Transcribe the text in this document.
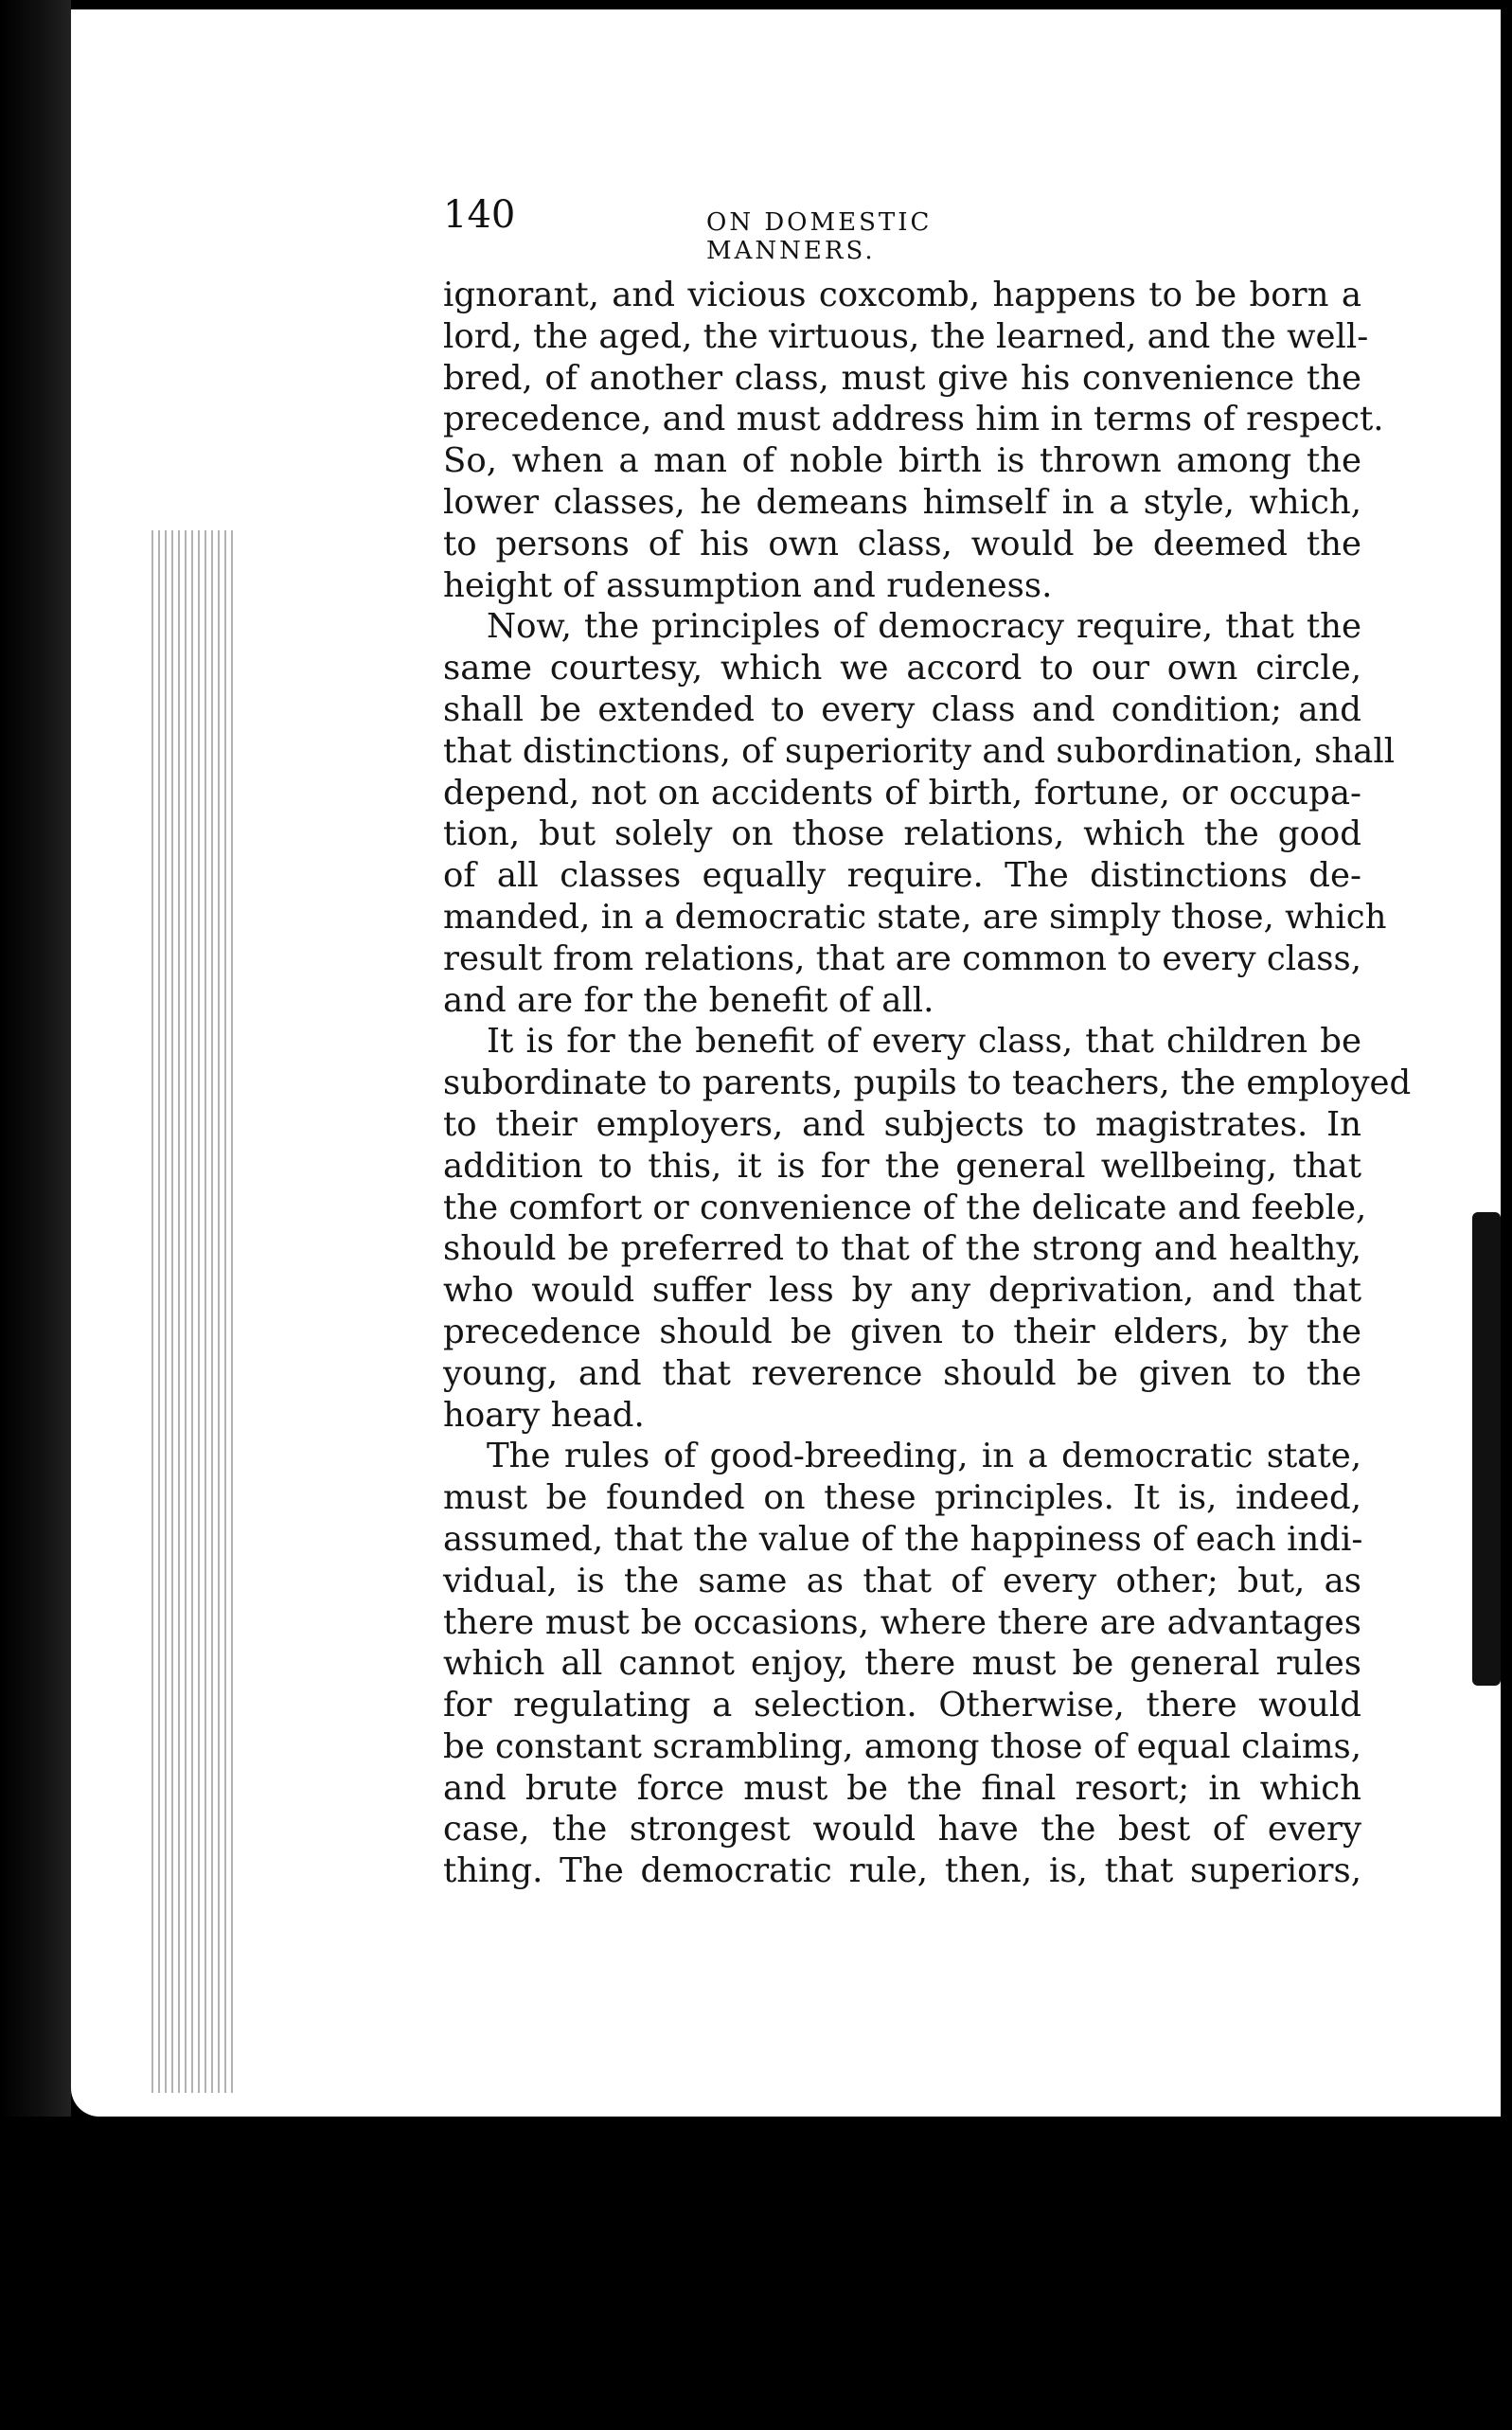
140	ON DOMESTIC MANNERS.
ignorant, and vicious coxcomb, happens to be born a
lord, the aged, the virtuous, the learned, and the well-
bred, of another class, must give his convenience the
precedence, and must address him in terms of respect.
So, when a man of noble birth is thrown among the
lower classes, he demeans himself in a style, which,
to persons of his own class, would be deemed the
height of assumption and rudeness.
Now, the principles of democracy require, that the
same courtesy, which we accord to our own circle,
shall be extended to every class and condition; and
that distinctions, of superiority and subordination, shall
depend, not on accidents of birth, fortune, or occupa-
tion, but solely on those relations, which the good
of all classes equally require. The distinctions de-
manded, in a democratic state, are simply those, which
result from relations, that are common to every class,
and are for the benefit of all.
It is for the benefit of every class, that children be
subordinate to parents, pupils to teachers, the employed
to their employers, and subjects to magistrates. In
addition to this, it is for the general wellbeing, that
the comfort or convenience of the delicate and feeble,
should be preferred to that of the strong and healthy,
who would suffer less by any deprivation, and that
precedence should be given to their elders, by the
young, and that reverence should be given to the
hoary head.
The rules of good-breeding, in a democratic state,
must be founded on these principles. It is, indeed,
assumed, that the value of the happiness of each indi-
vidual, is the same as that of every other; but, as
there must be occasions, where there are advantages
which all cannot enjoy, there must be general rules
for regulating a selection. Otherwise, there would
be constant scrambling, among those of equal claims,
and brute force must be the final resort; in which
case, the strongest would have the best of every
thing. The democratic rule, then, is, that superiors,
